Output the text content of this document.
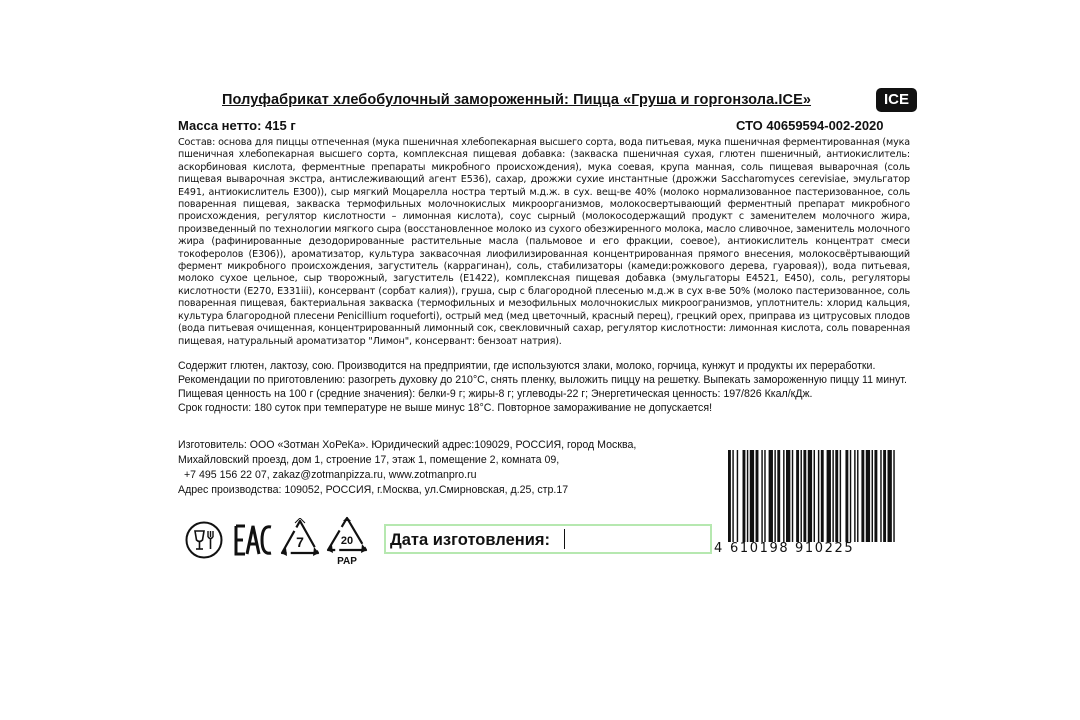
Полуфабрикат хлебобулочный замороженный: Пицца «Груша и горгонзола.ICE»	ICE
Масса нетто: 415 г	СТО 40659594-002-2020
Состав: основа для пиццы отпеченная (мука пшеничная хлебопекарная высшего сорта, вода питьевая, мука пшеничная ферментированная (мука пшеничная хлебопекарная высшего сорта, комплексная пищевая добавка: (закваска пшеничная сухая, глютен пшеничный, антиокислитель: аскорбиновая кислота, ферментные препараты микробного происхождения), мука соевая, крупа манная, соль пищевая выварочная (соль пищевая выварочная экстра, антислеживающий агент Е536), сахар, дрожжи сухие инстантные (дрожжи Saccharomyces cerevisiae, эмульгатор Е491, антиокислитель Е300)), сыр мягкий Моцарелла ностра тертый м.д.ж. в сух. вещ-ве 40% (молоко нормализованное пастеризованное, соль поваренная пищевая, закваска термофильных молочнокислых микроорганизмов, молокосвертывающий ферментный препарат микробного происхождения, регулятор кислотности – лимонная кислота), соус сырный (молокосодержащий продукт с заменителем молочного жира, произведенный по технологии мягкого сыра (восстановленное молоко из сухого обезжиренного молока, масло сливочное, заменитель молочного жира (рафинированные дезодорированные растительные масла (пальмовое и его фракции, соевое), антиокислитель концентрат смеси токоферолов (Е306)), ароматизатор, культура заквасочная лиофилизированная концентрированная прямого внесения, молокосвёртывающий фермент микробного происхождения, загуститель (каррагинан), соль, стабилизаторы (камеди:рожкового дерева, гуаровая)), вода питьевая, молоко сухое цельное, сыр творожный, загуститель (Е1422), комплексная пищевая добавка (эмульгаторы Е4521, Е450), соль, регуляторы кислотности (Е270, Е331iii), консервант (сорбат калия)), груша, сыр с благородной плесенью м.д.ж в сух в-ве 50% (молоко пастеризованное, соль поваренная пищевая, бактериальная закваска (термофильных и мезофильных молочнокислых микроогранизмов, уплотнитель: хлорид кальция, культура благородной плесени Penicillium roqueforti), острый мед (мед цветочный, красный перец), грецкий орех, приправа из цитрусовых плодов (вода питьевая очищенная, концентрированный лимонный сок, свекловичный сахар, регулятор кислотности: лимонная кислота, соль поваренная пищевая, натуральный ароматизатор "Лимон", консервант: бензоат натрия).

Содержит глютен, лактозу, сою. Производится на предприятии, где используются злаки, молоко, горчица, кунжут и продукты их переработки.

Рекомендации по приготовлению: разогреть духовку до 210°С, снять пленку, выложить пиццу на решетку. Выпекать замороженную пиццу 11 минут.

Пищевая ценность на 100 г (средние значения): белки-9 г; жиры-8 г; углеводы-22 г; Энергетическая ценность: 197/826 Ккал/кДж.

Срок годности: 180 суток при температуре не выше минус 18°С. Повторное замораживание не допускается!

Изготовитель: ООО «Зотман ХоРеКа». Юридический адрес:109029, РОССИЯ, город Москва,

Михайловский проезд, дом 1, строение 17, этаж 1, помещение 2, комната 09,

+7 495 156 22 07, zakaz@zotmanpizza.ru, www.zotmanpro.ru

Адрес производства: 109052, РОССИЯ, г.Москва, ул.Смирновская, д.25, стр.17

7	20
PAP
Дата изготовления:	4 610198 910225
